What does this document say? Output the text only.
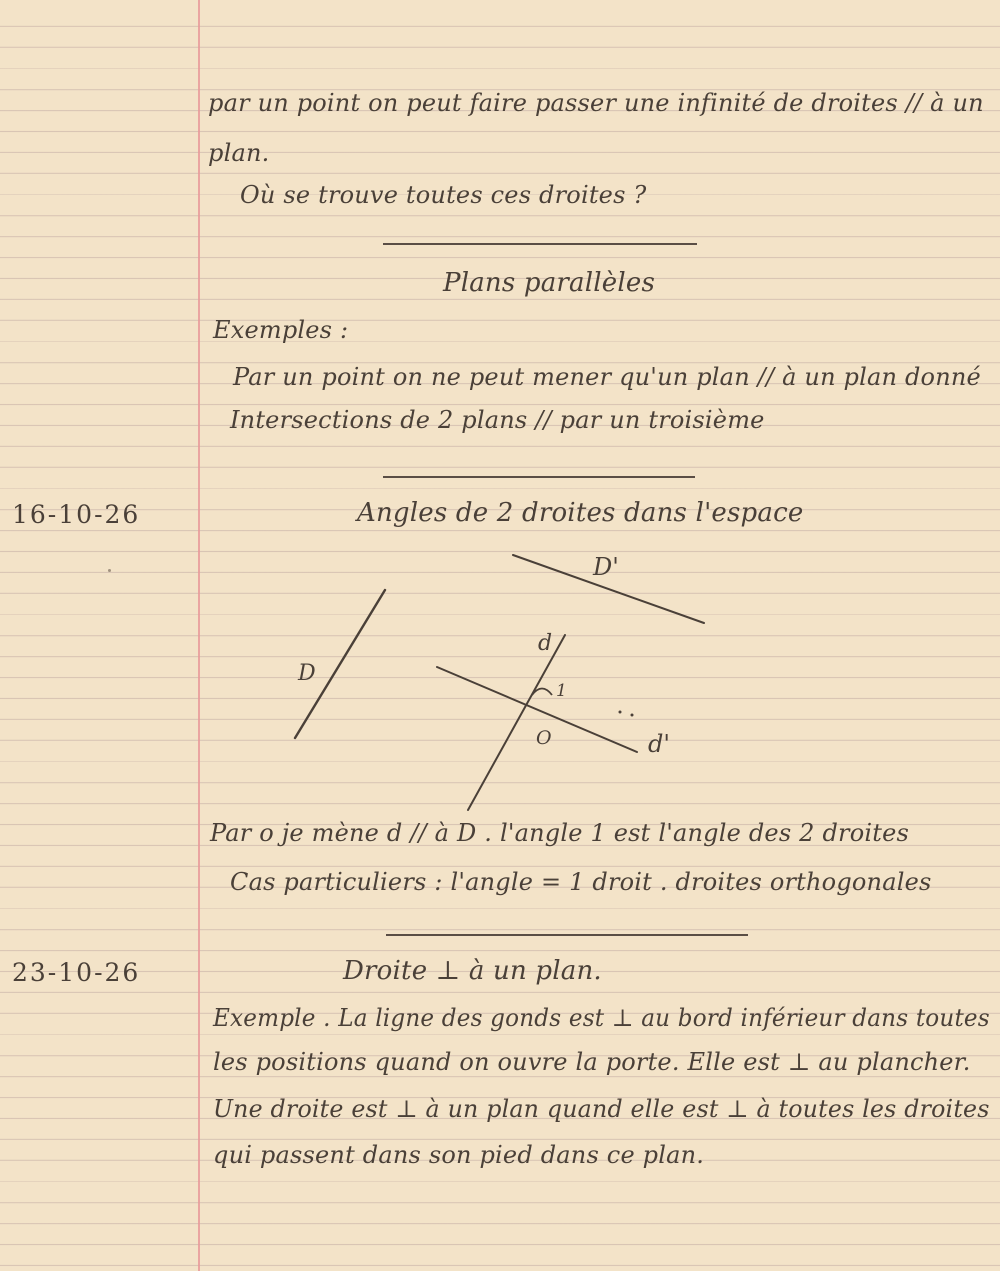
par un point on peut faire passer une infinité de droites // à un
plan.
Où se trouve toutes ces droites ?
Plans parallèles
Exemples :
Par un point on ne peut mener qu'un plan // à un plan donné
Intersections de 2 plans // par un troisième
16-10-26	Angles de 2 droites dans l'espace
D
D'
d
d'
1
O
Par o je mène d // à D . l'angle 1 est l'angle des 2 droites
Cas particuliers : l'angle = 1 droit . droites orthogonales
23-10-26	Droite ⊥ à un plan.
Exemple . La ligne des gonds est ⊥ au bord inférieur dans toutes
les positions quand on ouvre la porte. Elle est ⊥ au plancher.
Une droite est ⊥ à un plan quand elle est ⊥ à toutes les droites
qui passent dans son pied dans ce plan.
